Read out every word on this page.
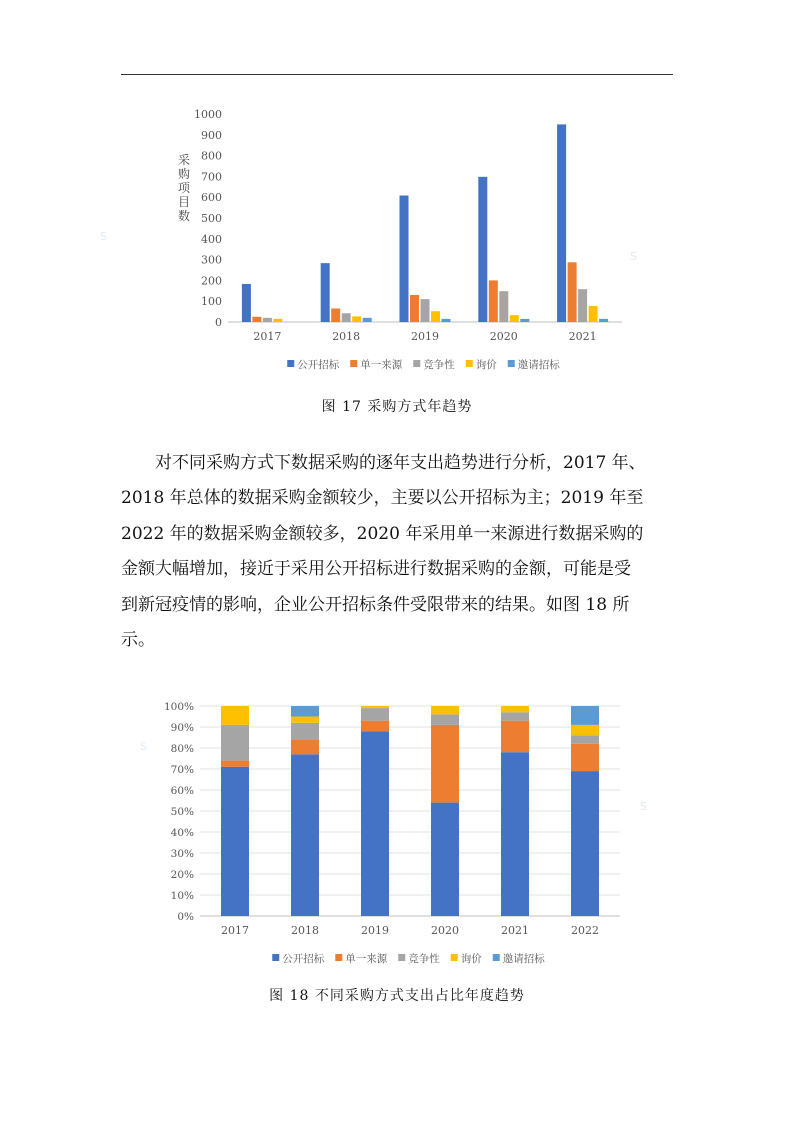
S
S
S
S
0
100
200
300
400
500
600
700
800
900
1000
采
购
项
目
数
2017	2018	2019	2020	2021
公开招标 单一来源 竞争性 询价 邀请招标
图 17 采购方式年趋势
对不同采购方式下数据采购的逐年支出趋势进行分析，2017 年、
2018 年总体的数据采购金额较少，主要以公开招标为主；2019 年至
2022 年的数据采购金额较多，2020 年采用单一来源进行数据采购的
金额大幅增加，接近于采用公开招标进行数据采购的金额，可能是受
到新冠疫情的影响，企业公开招标条件受限带来的结果。如图 18 所
示。
0%
10%
20%
30%
40%
50%
60%
70%
80%
90%
100%
2017	2018	2019	2020	2021	2022
公开招标 单一来源 竞争性 询价 邀请招标
图 18 不同采购方式支出占比年度趋势
